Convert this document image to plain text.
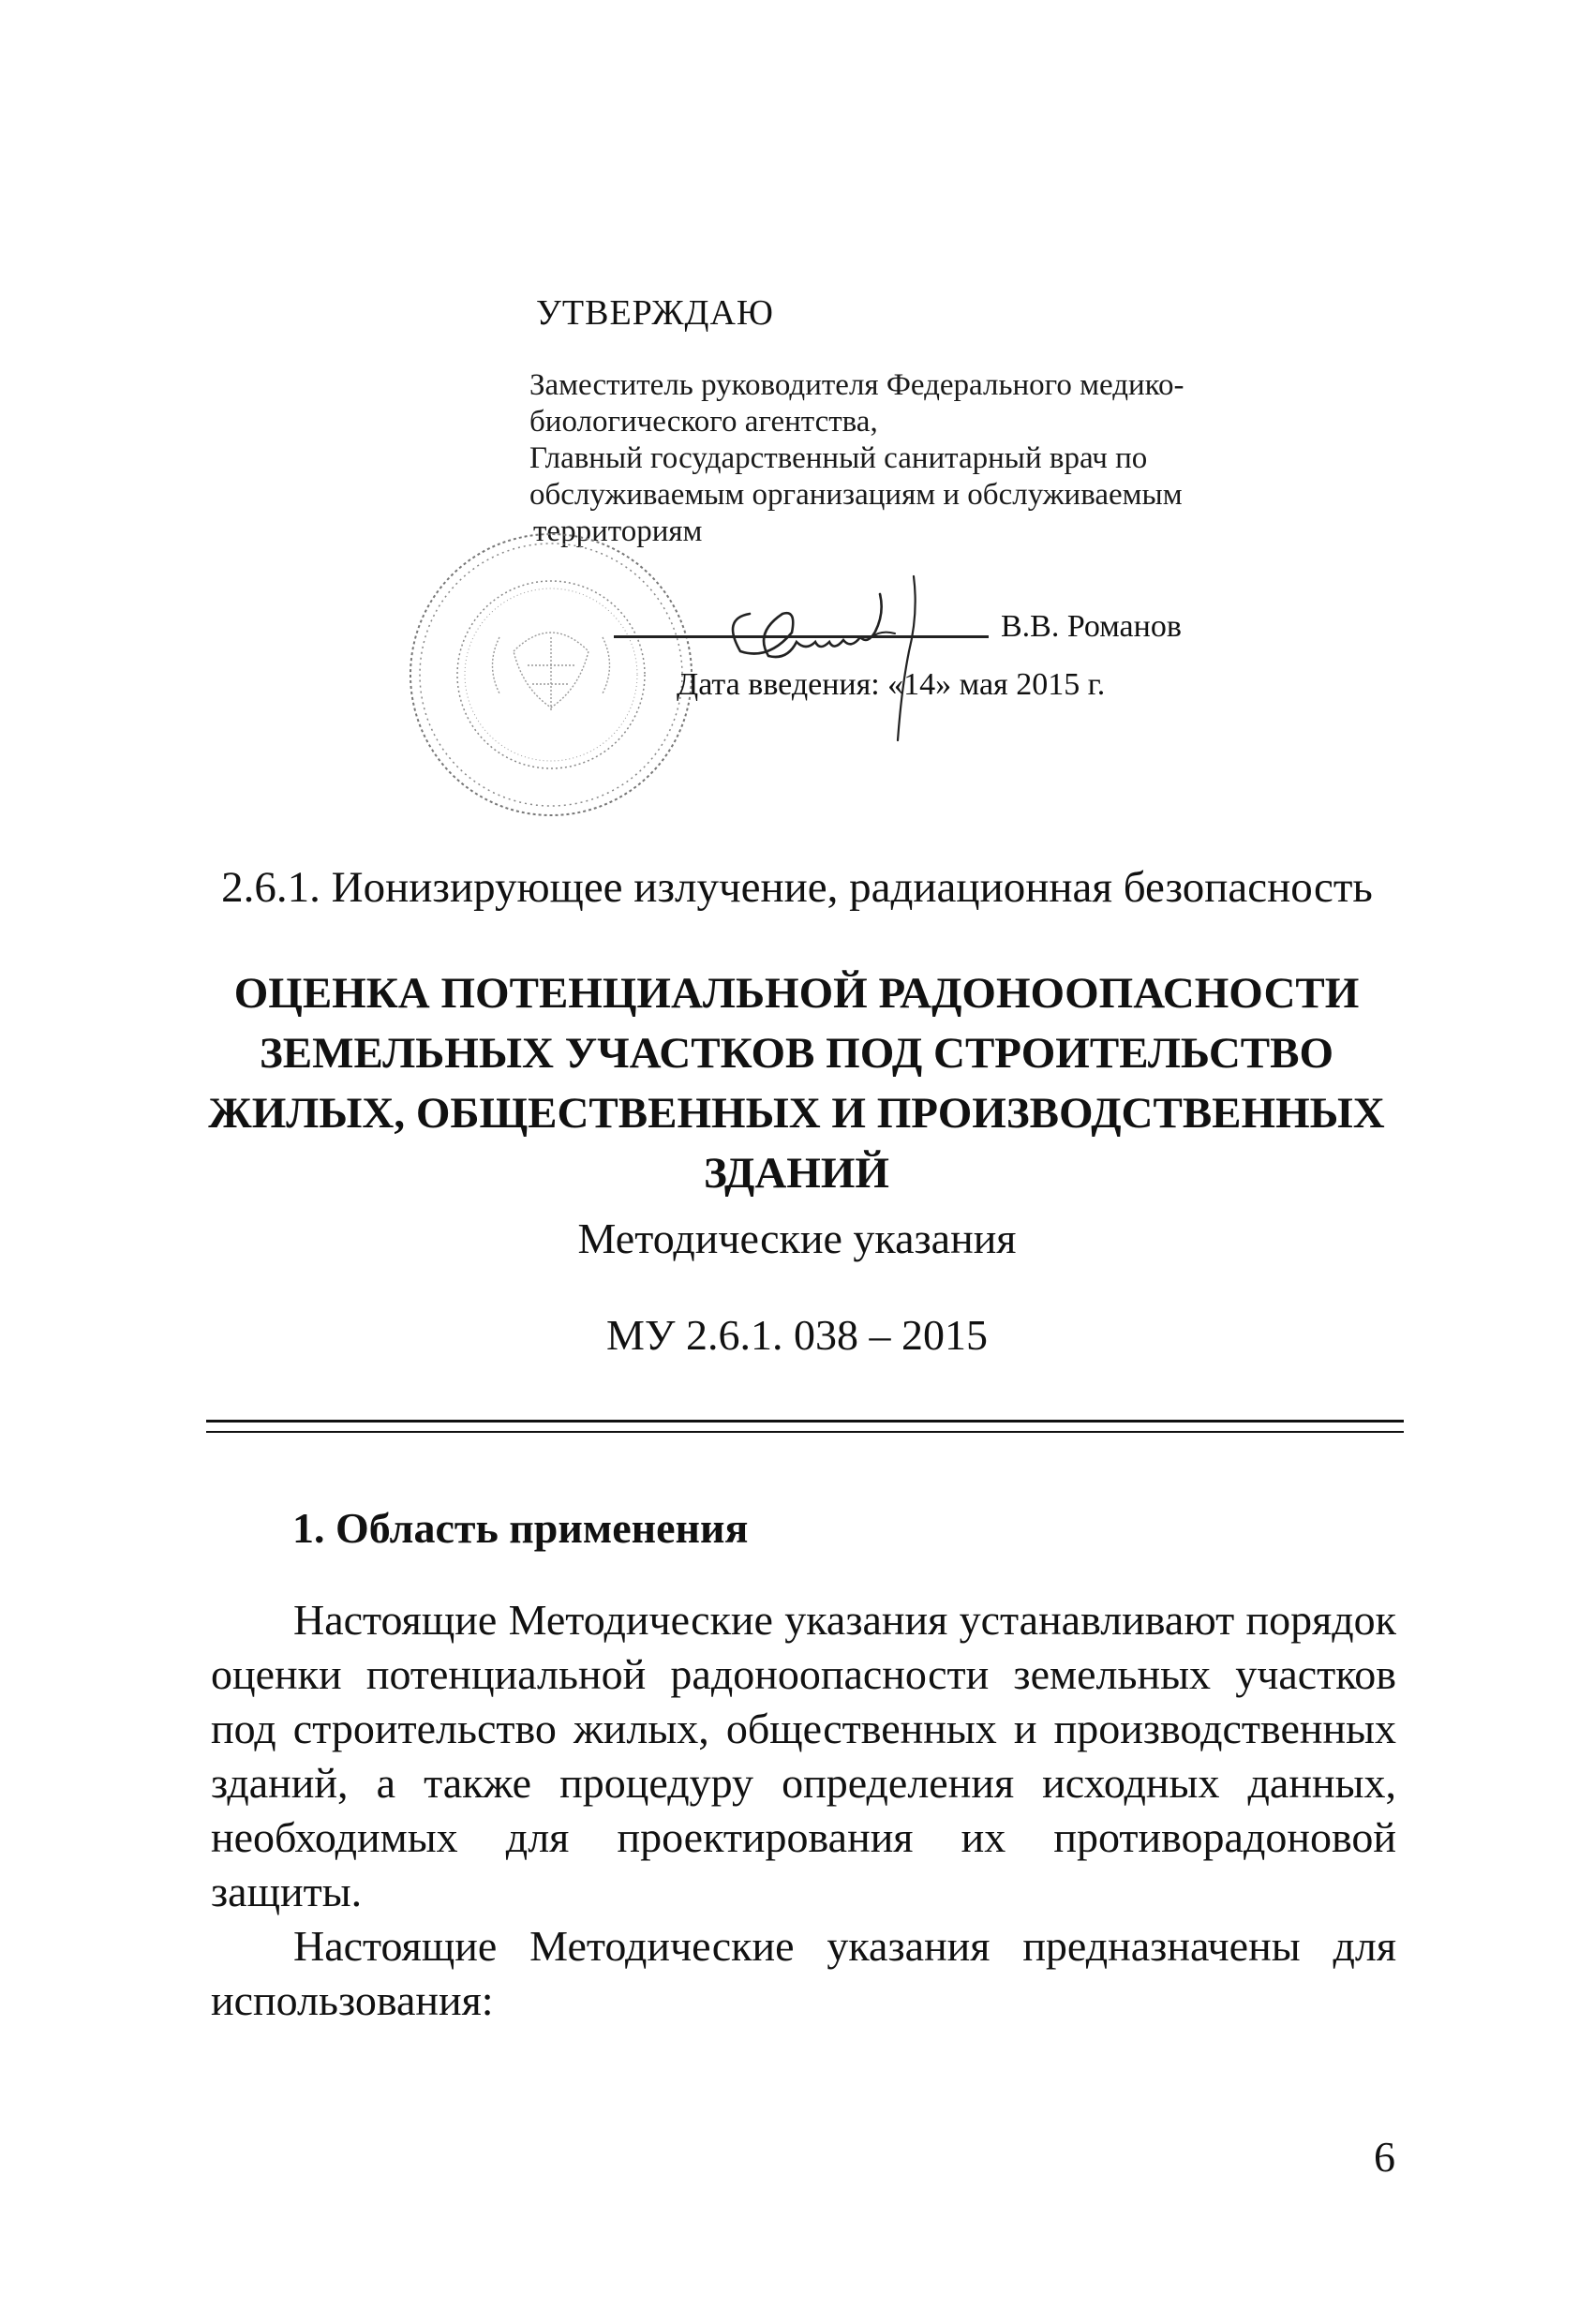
УТВЕРЖДАЮ
Заместитель руководителя Федерального медико-
биологического агентства,
Главный государственный санитарный врач по
обслуживаемым организациям и обслуживаемым
территориям
В.В. Романов
Дата введения: «14» мая 2015 г.
2.6.1. Ионизирующее излучение, радиационная безопасность
ОЦЕНКА ПОТЕНЦИАЛЬНОЙ РАДОНООПАСНОСТИ
ЗЕМЕЛЬНЫХ УЧАСТКОВ ПОД СТРОИТЕЛЬСТВО
ЖИЛЫХ, ОБЩЕСТВЕННЫХ И ПРОИЗВОДСТВЕННЫХ
ЗДАНИЙ
Методические указания
МУ 2.6.1. 038 – 2015
1. Область применения

Настоящие Методические указания устанавливают порядок оценки потенциальной радоноопасности земельных участков под строительство жилых, общественных и производственных зданий, а также процедуру определения исходных данных, необходимых для проектирования их противорадоновой защиты.

Настоящие Методические указания предназначены для использования:

6
